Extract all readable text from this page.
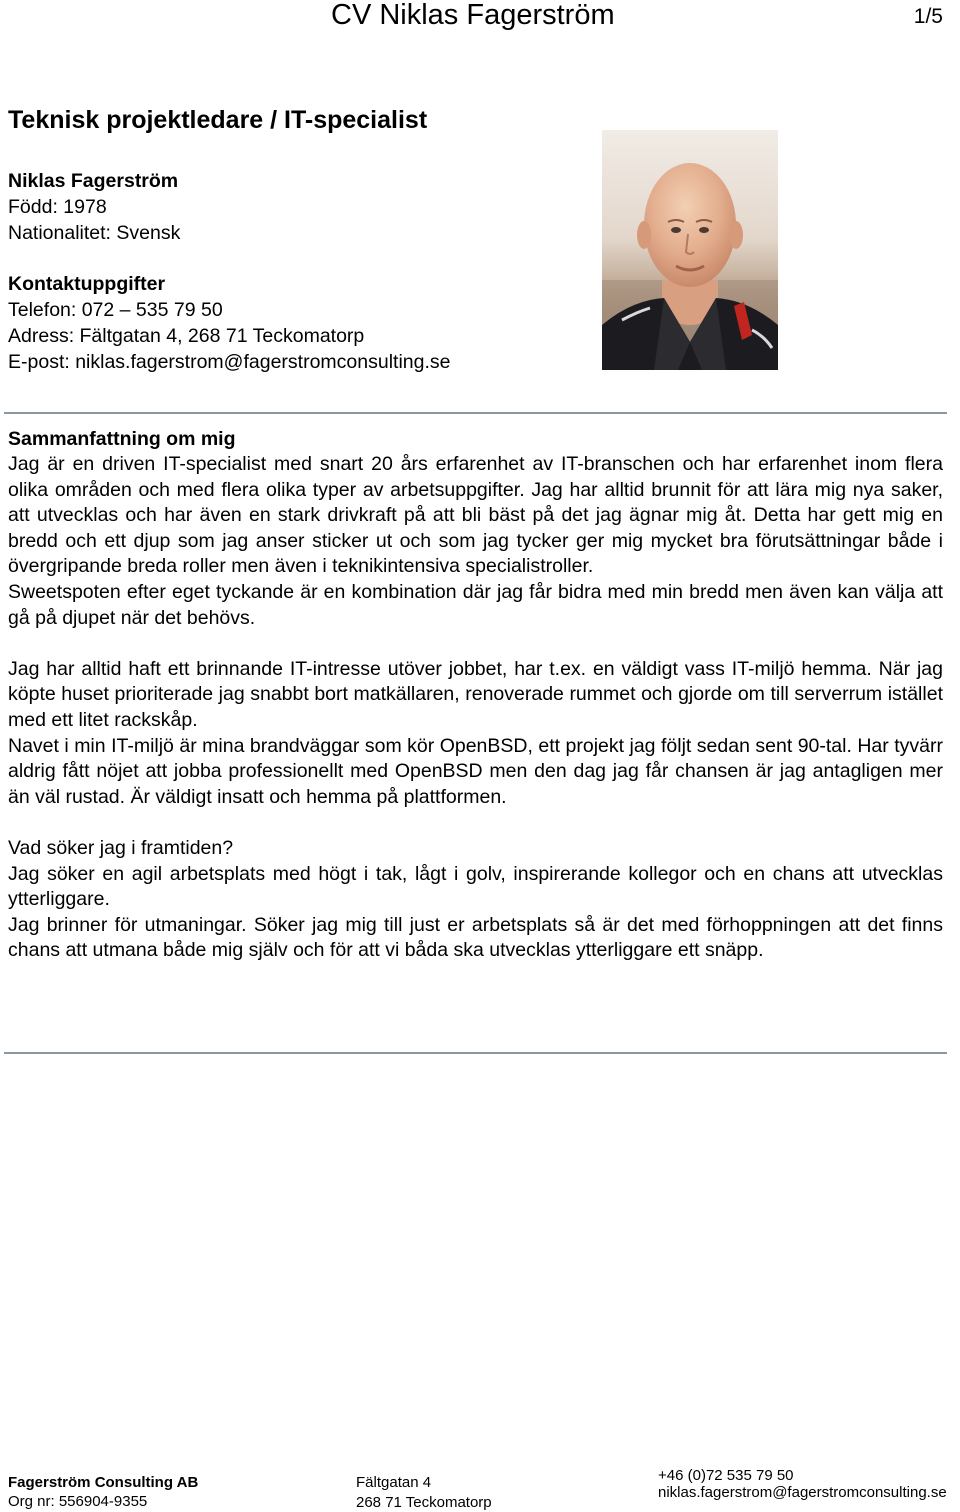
CV Niklas Fagerström	1/5
Teknisk projektledare / IT-specialist
Niklas Fagerström
Född: 1978
Nationalitet: Svensk
Kontaktuppgifter
Telefon: 072 – 535 79 50
Adress: Fältgatan 4, 268 71 Teckomatorp
E-post: niklas.fagerstrom@fagerstromconsulting.se
Sammanfattning om mig

Jag är en driven IT-specialist med snart 20 års erfarenhet av IT-branschen och har erfarenhet inom flera olika områden och med flera olika typer av arbetsuppgifter. Jag har alltid brunnit för att lära mig nya saker, att utvecklas och har även en stark drivkraft på att bli bäst på det jag ägnar mig åt. Detta har gett mig en bredd och ett djup som jag anser sticker ut och som jag tycker ger mig mycket bra förutsättningar både i övergripande breda roller men även i teknikintensiva specialistroller.

Sweetspoten efter eget tyckande är en kombination där jag får bidra med min bredd men även kan välja att gå på djupet när det behövs.

Jag har alltid haft ett brinnande IT-intresse utöver jobbet, har t.ex. en väldigt vass IT-miljö hemma. När jag köpte huset prioriterade jag snabbt bort matkällaren, renoverade rummet och gjorde om till serverrum istället med ett litet rackskåp.

Navet i min IT-miljö är mina brandväggar som kör OpenBSD, ett projekt jag följt sedan sent 90-tal. Har tyvärr aldrig fått nöjet att jobba professionellt med OpenBSD men den dag jag får chansen är jag antagligen mer än väl rustad. Är väldigt insatt och hemma på plattformen.

Vad söker jag i framtiden?

Jag söker en agil arbetsplats med högt i tak, lågt i golv, inspirerande kollegor och en chans att utvecklas ytterliggare.

Jag brinner för utmaningar. Söker jag mig till just er arbetsplats så är det med förhoppningen att det finns chans att utmana både mig själv och för att vi båda ska utvecklas ytterliggare ett snäpp.

Fagerström Consulting AB
Org nr: 556904-9355
Fältgatan 4
268 71 Teckomatorp
+46 (0)72 535 79 50
niklas.fagerstrom@fagerstromconsulting.se
